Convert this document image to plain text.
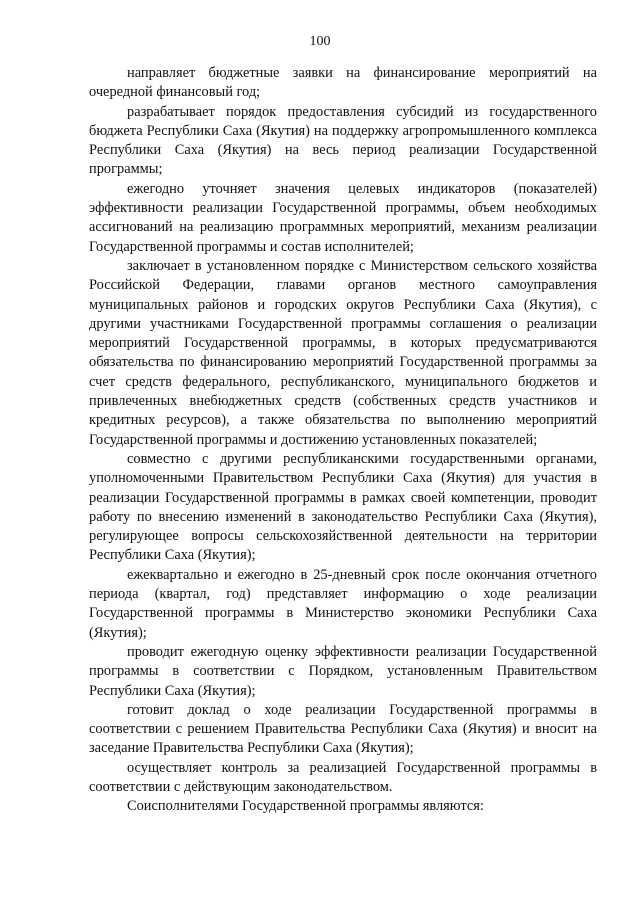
100

направляет бюджетные заявки на финансирование мероприятий на очередной финансовый год;

разрабатывает порядок предоставления субсидий из государственного бюджета Республики Саха (Якутия) на поддержку агропромышленного комплекса Республики Саха (Якутия) на весь период реализации Государственной программы;

ежегодно уточняет значения целевых индикаторов (показателей) эффективности реализации Государственной программы, объем необходимых ассигнований на реализацию программных мероприятий, механизм реализации Государственной программы и состав исполнителей;

заключает в установленном порядке с Министерством сельского хозяйства Российской Федерации, главами органов местного самоуправления муниципальных районов и городских округов Республики Саха (Якутия), с другими участниками Государственной программы соглашения о реализации мероприятий Государственной программы, в которых предусматриваются обязательства по финансированию мероприятий Государственной программы за счет средств федерального, республиканского, муниципального бюджетов и привлеченных внебюджетных средств (собственных средств участников и кредитных ресурсов), а также обязательства по выполнению мероприятий Государственной программы и достижению установленных показателей;

совместно с другими республиканскими государственными органами, уполномоченными Правительством Республики Саха (Якутия) для участия в реализации Государственной программы в рамках своей компетенции, проводит работу по внесению изменений в законодательство Республики Саха (Якутия), регулирующее вопросы сельскохозяйственной деятельности на территории Республики Саха (Якутия);

ежеквартально и ежегодно в 25-дневный срок после окончания отчетного периода (квартал, год) представляет информацию о ходе реализации Государственной программы в Министерство экономики Республики Саха (Якутия);

проводит ежегодную оценку эффективности реализации Государственной программы в соответствии с Порядком, установленным Правительством Республики Саха (Якутия);

готовит доклад о ходе реализации Государственной программы в соответствии с решением Правительства Республики Саха (Якутия) и вносит на заседание Правительства Республики Саха (Якутия);

осуществляет контроль за реализацией Государственной программы в соответствии с действующим законодательством.

Соисполнителями Государственной программы являются:
